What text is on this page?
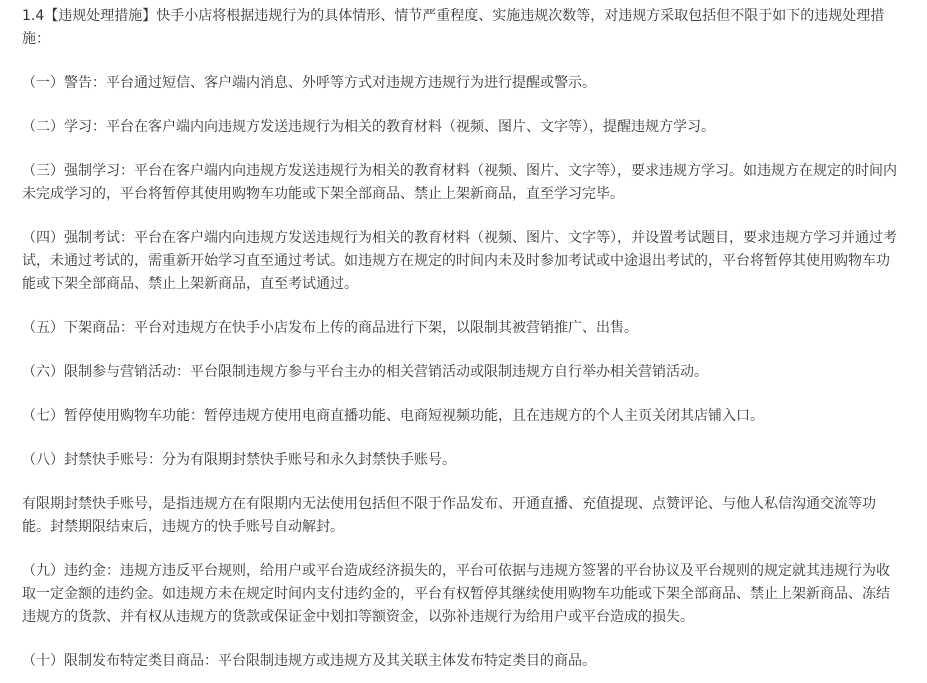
1.4【违规处理措施】快手小店将根据违规行为的具体情形、情节严重程度、实施违规次数等，对违规方采取包括但不限于如下的违规处理措施：

（一）警告：平台通过短信、客户端内消息、外呼等方式对违规方违规行为进行提醒或警示。

（二）学习：平台在客户端内向违规方发送违规行为相关的教育材料（视频、图片、文字等），提醒违规方学习。

（三）强制学习：平台在客户端内向违规方发送违规行为相关的教育材料（视频、图片、文字等），要求违规方学习。如违规方在规定的时间内未完成学习的，平台将暂停其使用购物车功能或下架全部商品、禁止上架新商品，直至学习完毕。

（四）强制考试：平台在客户端内向违规方发送违规行为相关的教育材料（视频、图片、文字等），并设置考试题目，要求违规方学习并通过考试，未通过考试的，需重新开始学习直至通过考试。如违规方在规定的时间内未及时参加考试或中途退出考试的，平台将暂停其使用购物车功能或下架全部商品、禁止上架新商品，直至考试通过。

（五）下架商品：平台对违规方在快手小店发布上传的商品进行下架，以限制其被营销推广、出售。

（六）限制参与营销活动：平台限制违规方参与平台主办的相关营销活动或限制违规方自行举办相关营销活动。

（七）暂停使用购物车功能：暂停违规方使用电商直播功能、电商短视频功能，且在违规方的个人主页关闭其店铺入口。

（八）封禁快手账号：分为有限期封禁快手账号和永久封禁快手账号。

有限期封禁快手账号，是指违规方在有限期内无法使用包括但不限于作品发布、开通直播、充值提现、点赞评论、与他人私信沟通交流等功能。封禁期限结束后，违规方的快手账号自动解封。

（九）违约金：违规方违反平台规则，给用户或平台造成经济损失的，平台可依据与违规方签署的平台协议及平台规则的规定就其违规行为收取一定金额的违约金。如违规方未在规定时间内支付违约金的，平台有权暂停其继续使用购物车功能或下架全部商品、禁止上架新商品、冻结违规方的货款、并有权从违规方的货款或保证金中划扣等额资金，以弥补违规行为给用户或平台造成的损失。

（十）限制发布特定类目商品：平台限制违规方或违规方及其关联主体发布特定类目的商品。
